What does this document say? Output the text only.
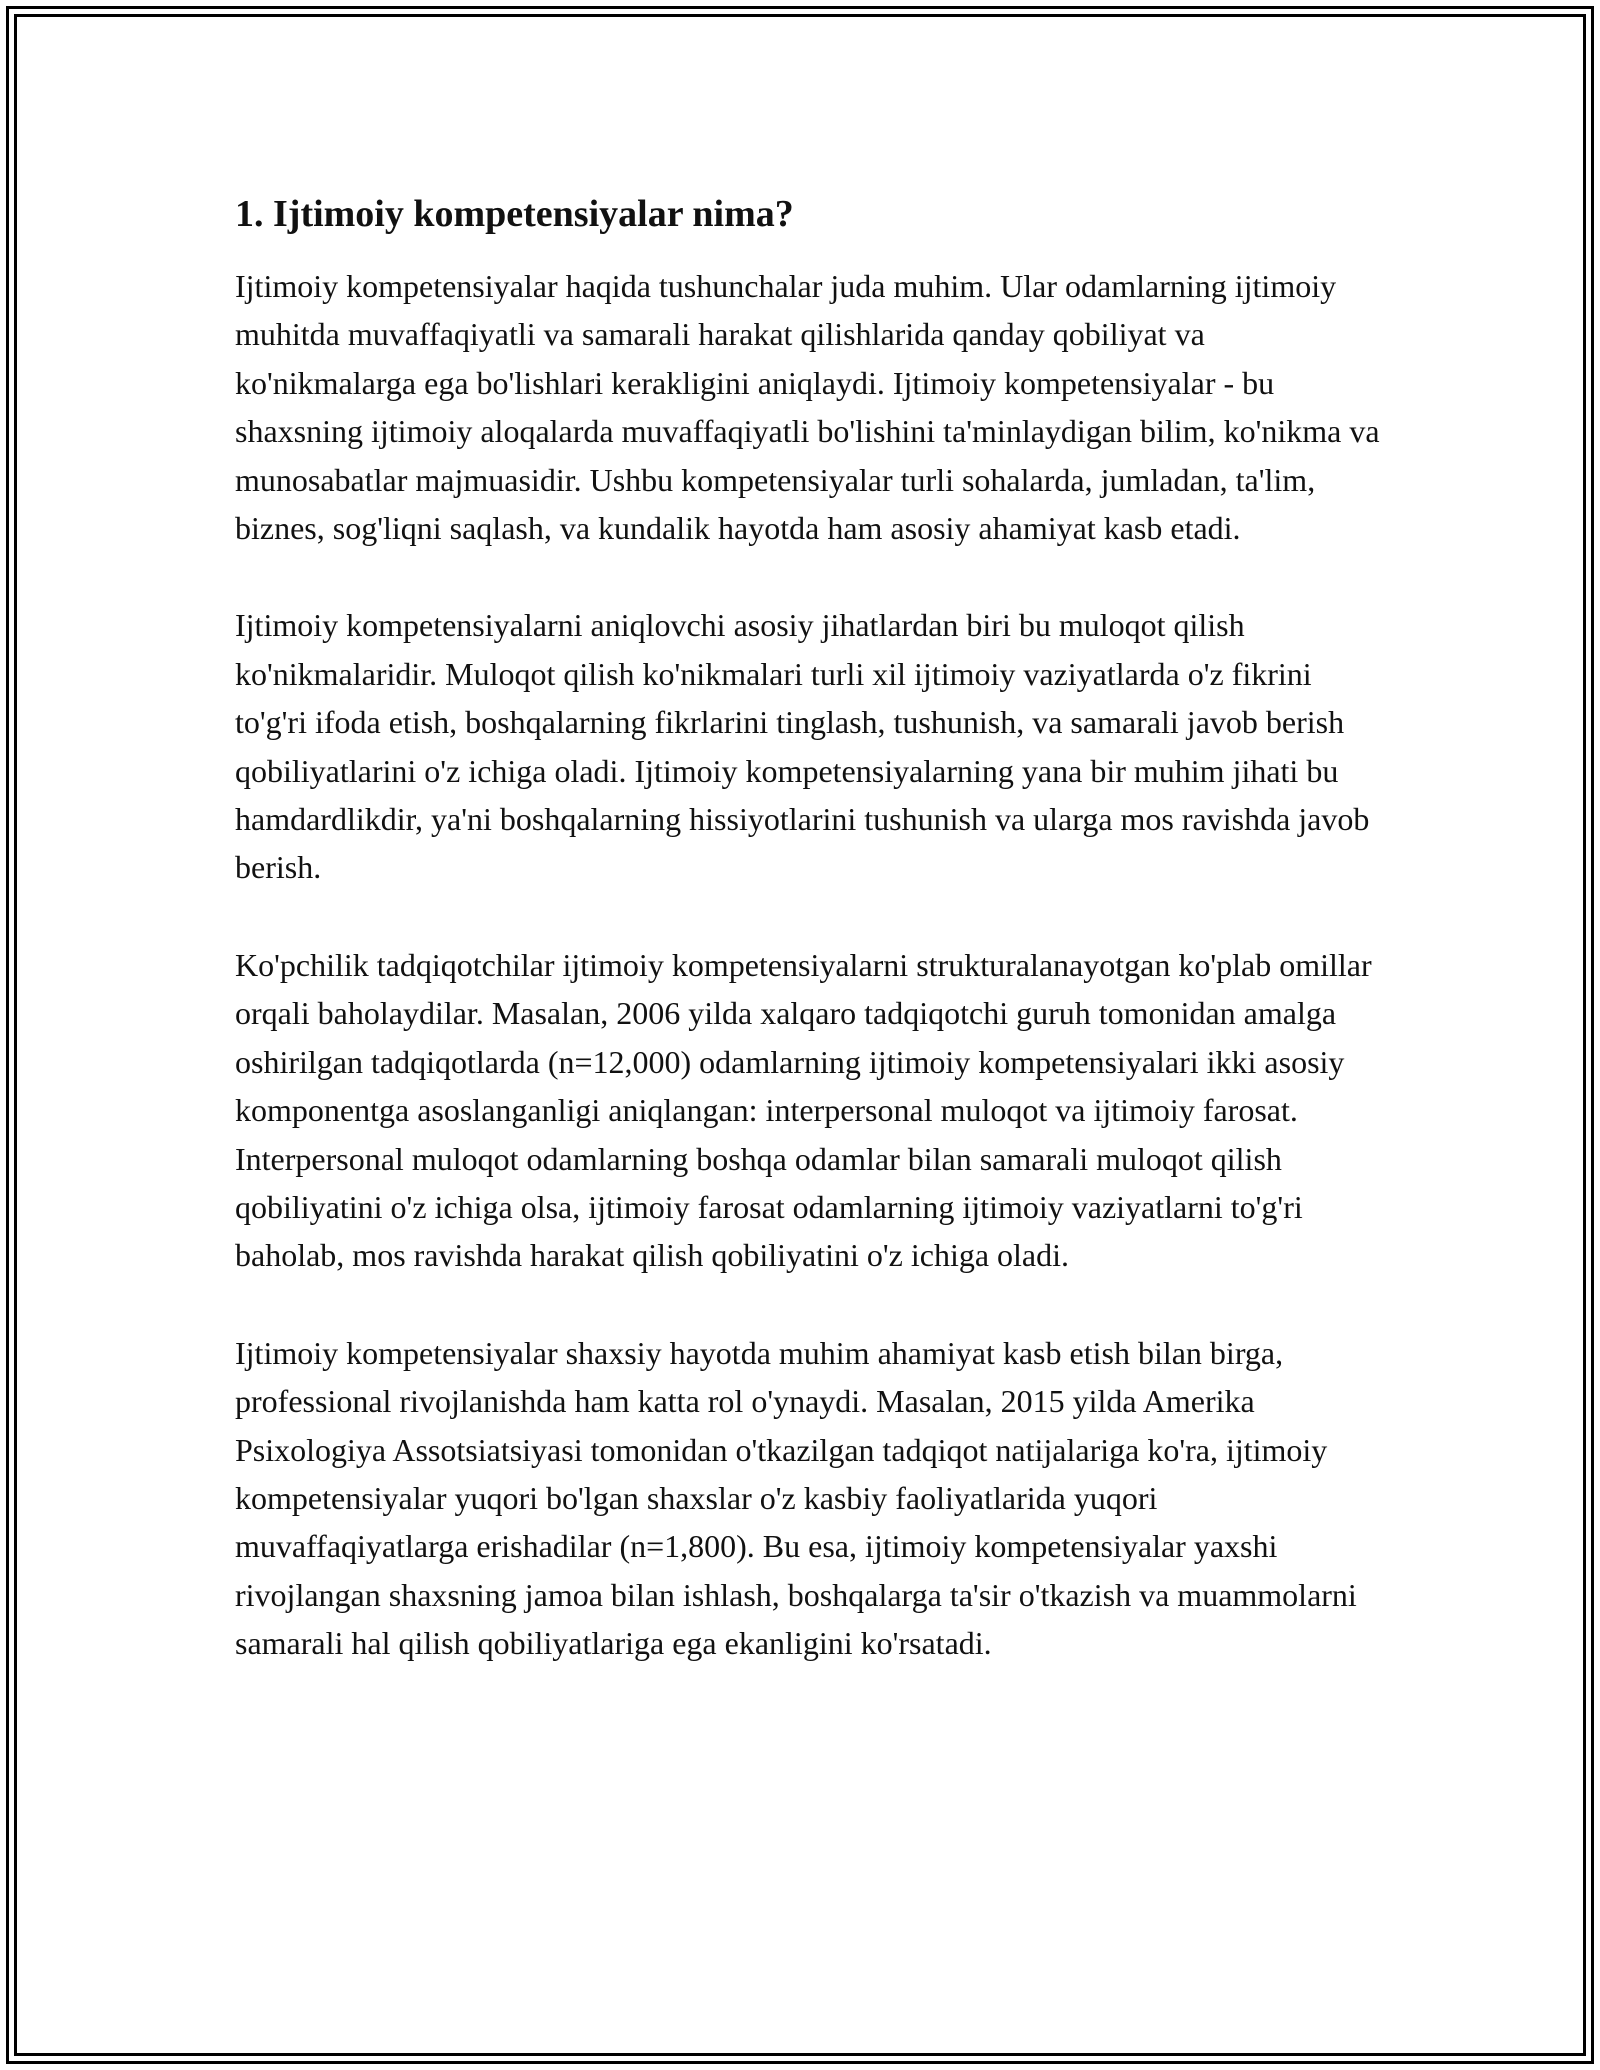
1. Ijtimoiy kompetensiyalar nima?

Ijtimoiy kompetensiyalar haqida tushunchalar juda muhim. Ular odamlarning ijtimoiy muhitda muvaffaqiyatli va samarali harakat qilishlarida qanday qobiliyat va ko'nikmalarga ega bo'lishlari kerakligini aniqlaydi. Ijtimoiy kompetensiyalar - bu shaxsning ijtimoiy aloqalarda muvaffaqiyatli bo'lishini ta'minlaydigan bilim, ko'nikma va munosabatlar majmuasidir. Ushbu kompetensiyalar turli sohalarda, jumladan, ta'lim, biznes, sog'liqni saqlash, va kundalik hayotda ham asosiy ahamiyat kasb etadi.

Ijtimoiy kompetensiyalarni aniqlovchi asosiy jihatlardan biri bu muloqot qilish ko'nikmalaridir. Muloqot qilish ko'nikmalari turli xil ijtimoiy vaziyatlarda o'z fikrini to'g'ri ifoda etish, boshqalarning fikrlarini tinglash, tushunish, va samarali javob berish qobiliyatlarini o'z ichiga oladi. Ijtimoiy kompetensiyalarning yana bir muhim jihati bu hamdardlikdir, ya'ni boshqalarning hissiyotlarini tushunish va ularga mos ravishda javob berish.

Ko'pchilik tadqiqotchilar ijtimoiy kompetensiyalarni strukturalanayotgan ko'plab omillar orqali baholaydilar. Masalan, 2006 yilda xalqaro tadqiqotchi guruh tomonidan amalga oshirilgan tadqiqotlarda (n=12,000) odamlarning ijtimoiy kompetensiyalari ikki asosiy komponentga asoslanganligi aniqlangan: interpersonal muloqot va ijtimoiy farosat. Interpersonal muloqot odamlarning boshqa odamlar bilan samarali muloqot qilish qobiliyatini o'z ichiga olsa, ijtimoiy farosat odamlarning ijtimoiy vaziyatlarni to'g'ri baholab, mos ravishda harakat qilish qobiliyatini o'z ichiga oladi.

Ijtimoiy kompetensiyalar shaxsiy hayotda muhim ahamiyat kasb etish bilan birga, professional rivojlanishda ham katta rol o'ynaydi. Masalan, 2015 yilda Amerika Psixologiya Assotsiatsiyasi tomonidan o'tkazilgan tadqiqot natijalariga ko'ra, ijtimoiy kompetensiyalar yuqori bo'lgan shaxslar o'z kasbiy faoliyatlarida yuqori muvaffaqiyatlarga erishadilar (n=1,800). Bu esa, ijtimoiy kompetensiyalar yaxshi rivojlangan shaxsning jamoa bilan ishlash, boshqalarga ta'sir o'tkazish va muammolarni samarali hal qilish qobiliyatlariga ega ekanligini ko'rsatadi.
